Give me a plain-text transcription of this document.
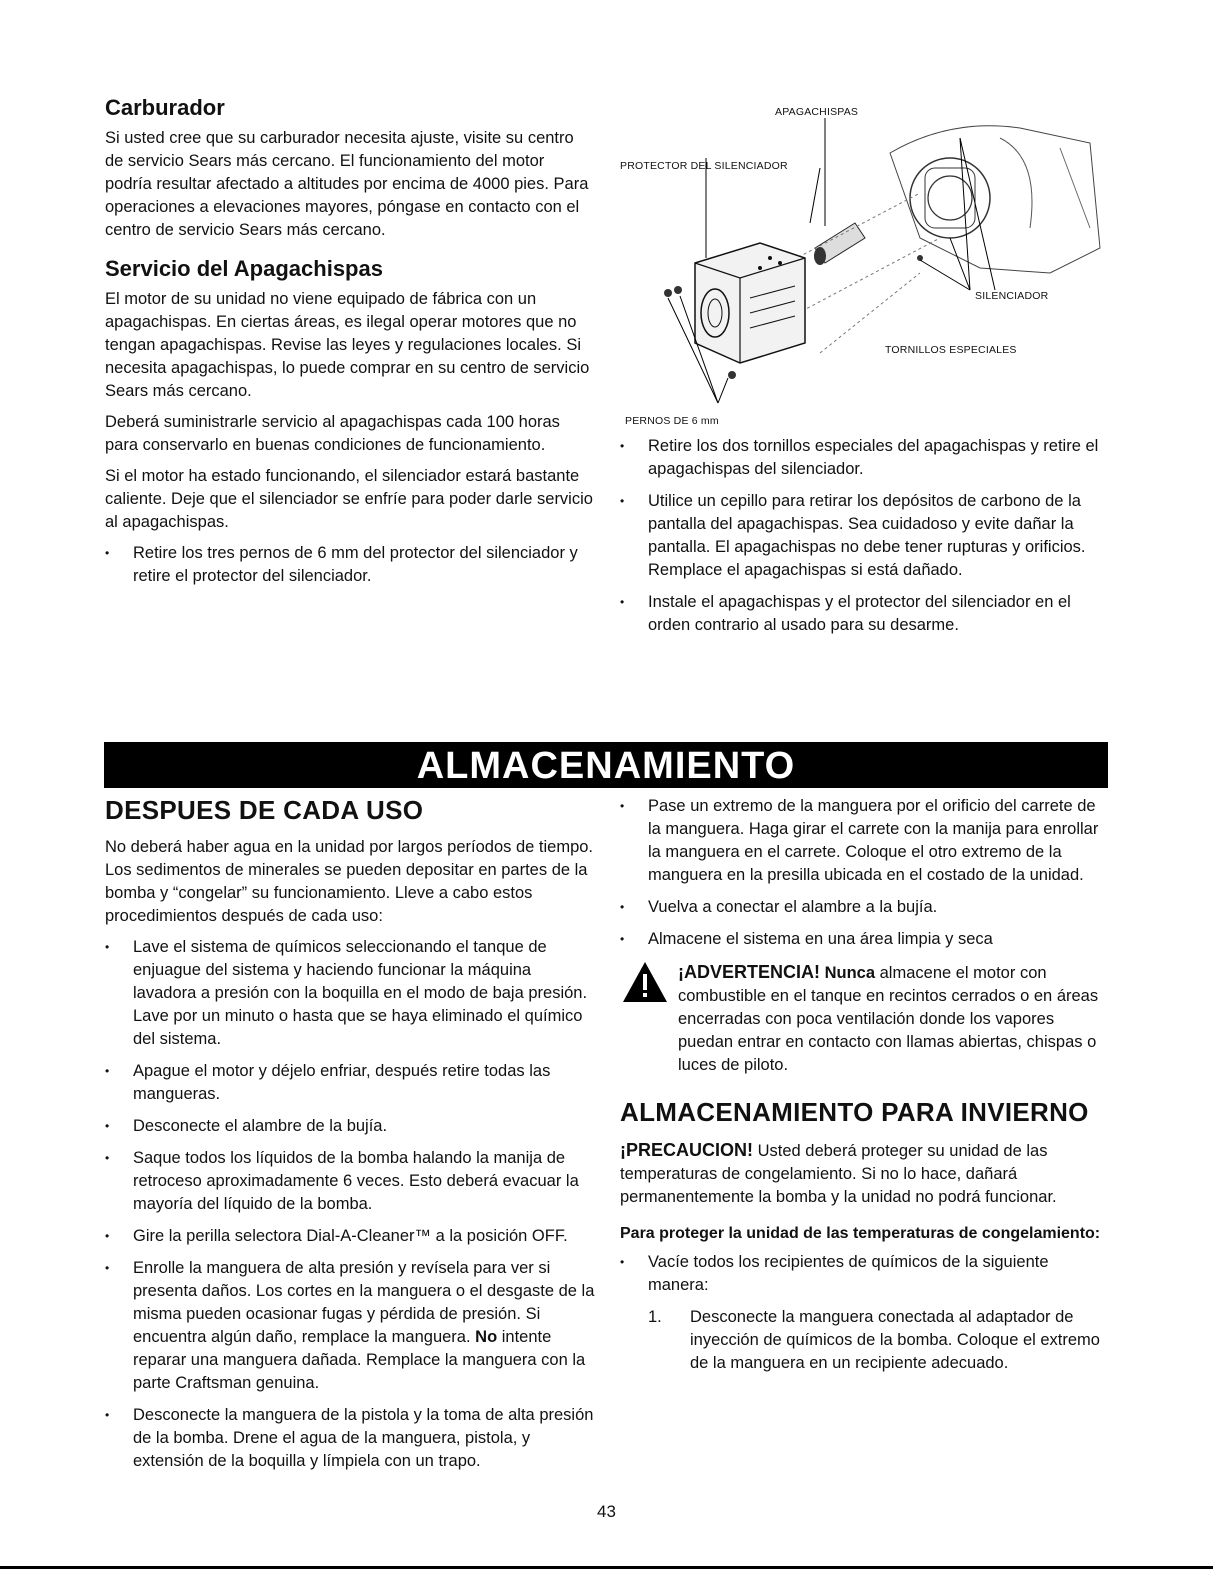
Carburador

Si usted cree que su carburador necesita ajuste, visite su centro de servicio Sears más cercano. El funcionamiento del motor podría resultar afectado a altitudes por encima de 4000 pies. Para operaciones a elevaciones mayores, póngase en contacto con el centro de servicio Sears más cercano.

Servicio del Apagachispas

El motor de su unidad no viene equipado de fábrica con un apagachispas. En ciertas áreas, es ilegal operar motores que no tengan apagachispas. Revise las leyes y regulaciones locales. Si necesita apagachispas, lo puede comprar en su centro de servicio Sears más cercano.

Deberá suministrarle servicio al apagachispas cada 100 horas para conservarlo en buenas condiciones de funcionamiento.

Si el motor ha estado funcionando, el silenciador estará bastante caliente. Deje que el silenciador se enfríe para poder darle servicio al apagachispas.

• Retire los tres pernos de 6 mm del protector del silenciador y retire el protector del silenciador.
APAGACHISPAS
PROTECTOR DEL SILENCIADOR
SILENCIADOR
TORNILLOS ESPECIALES
PERNOS DE 6 mm
• Retire los dos tornillos especiales del apagachispas y retire el apagachispas del silenciador.
• Utilice un cepillo para retirar los depósitos de carbono de la pantalla del apagachispas. Sea cuidadoso y evite dañar la pantalla. El apagachispas no debe tener rupturas y orificios. Remplace el apagachispas si está dañado.
• Instale el apagachispas y el protector del silenciador en el orden contrario al usado para su desarme.
ALMACENAMIENTO
DESPUES DE CADA USO

No deberá haber agua en la unidad por largos períodos de tiempo. Los sedimentos de minerales se pueden depositar en partes de la bomba y “congelar” su funcionamiento. Lleve a cabo estos procedimientos después de cada uso:

• Lave el sistema de químicos seleccionando el tanque de enjuague del sistema y haciendo funcionar la máquina lavadora a presión con la boquilla en el modo de baja presión. Lave por un minuto o hasta que se haya eliminado el químico del sistema.
• Apague el motor y déjelo enfriar, después retire todas las mangueras.
• Desconecte el alambre de la bujía.
• Saque todos los líquidos de la bomba halando la manija de retroceso aproximadamente 6 veces. Esto deberá evacuar la mayoría del líquido de la bomba.
• Gire la perilla selectora Dial-A-Cleaner™ a la posición OFF.
• Enrolle la manguera de alta presión y revísela para ver si presenta daños. Los cortes en la manguera o el desgaste de la misma pueden ocasionar fugas y pérdida de presión. Si encuentra algún daño, remplace la manguera. No intente reparar una manguera dañada. Remplace la manguera con la parte Craftsman genuina.
• Desconecte la manguera de la pistola y la toma de alta presión de la bomba. Drene el agua de la manguera, pistola, y extensión de la boquilla y límpiela con un trapo.
• Pase un extremo de la manguera por el orificio del carrete de la manguera. Haga girar el carrete con la manija para enrollar la manguera en el carrete. Coloque el otro extremo de la manguera en la presilla ubicada en el costado de la unidad.
• Vuelva a conectar el alambre a la bujía.
• Almacene el sistema en una área limpia y seca

¡ADVERTENCIA! Nunca almacene el motor con combustible en el tanque en recintos cerrados o en áreas encerradas con poca ventilación donde los vapores puedan entrar en contacto con llamas abiertas, chispas o luces de piloto.

ALMACENAMIENTO PARA INVIERNO

¡PRECAUCION! Usted deberá proteger su unidad de las temperaturas de congelamiento. Si no lo hace, dañará permanentemente la bomba y la unidad no podrá funcionar.

Para proteger la unidad de las temperaturas de congelamiento:
• Vacíe todos los recipientes de químicos de la siguiente manera:
1. Desconecte la manguera conectada al adaptador de inyección de químicos de la bomba. Coloque el extremo de la manguera en un recipiente adecuado.
43
